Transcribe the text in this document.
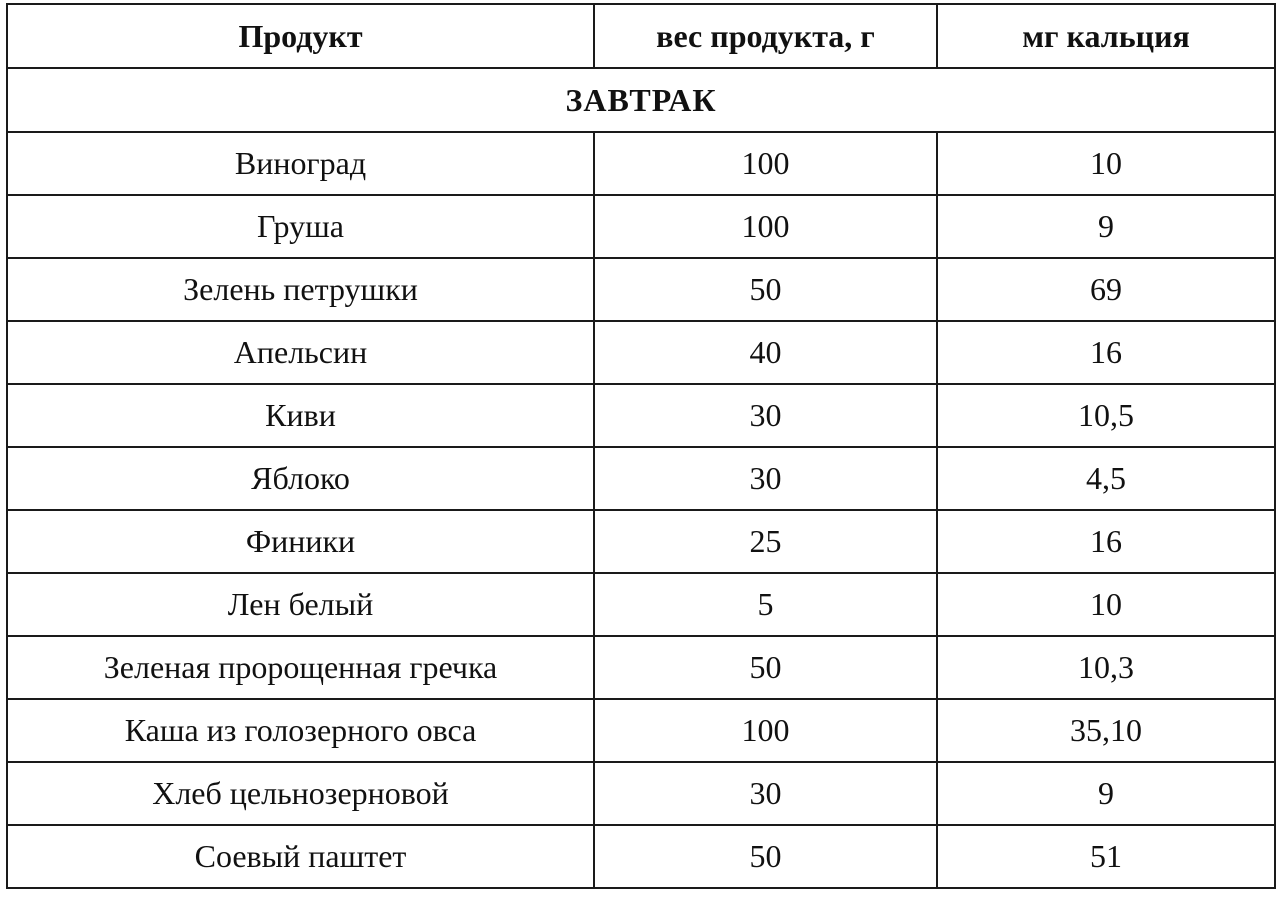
Продукт	вес продукта, г	мг кальция
ЗАВТРАК		
Виноград	100	10
Груша	100	9
Зелень петрушки	50	69
Апельсин	40	16
Киви	30	10,5
Яблоко	30	4,5
Финики	25	16
Лен белый	5	10
Зеленая пророщенная гречка	50	10,3
Каша из голозерного овса	100	35,10
Хлеб цельнозерновой	30	9
Соевый паштет	50	51
